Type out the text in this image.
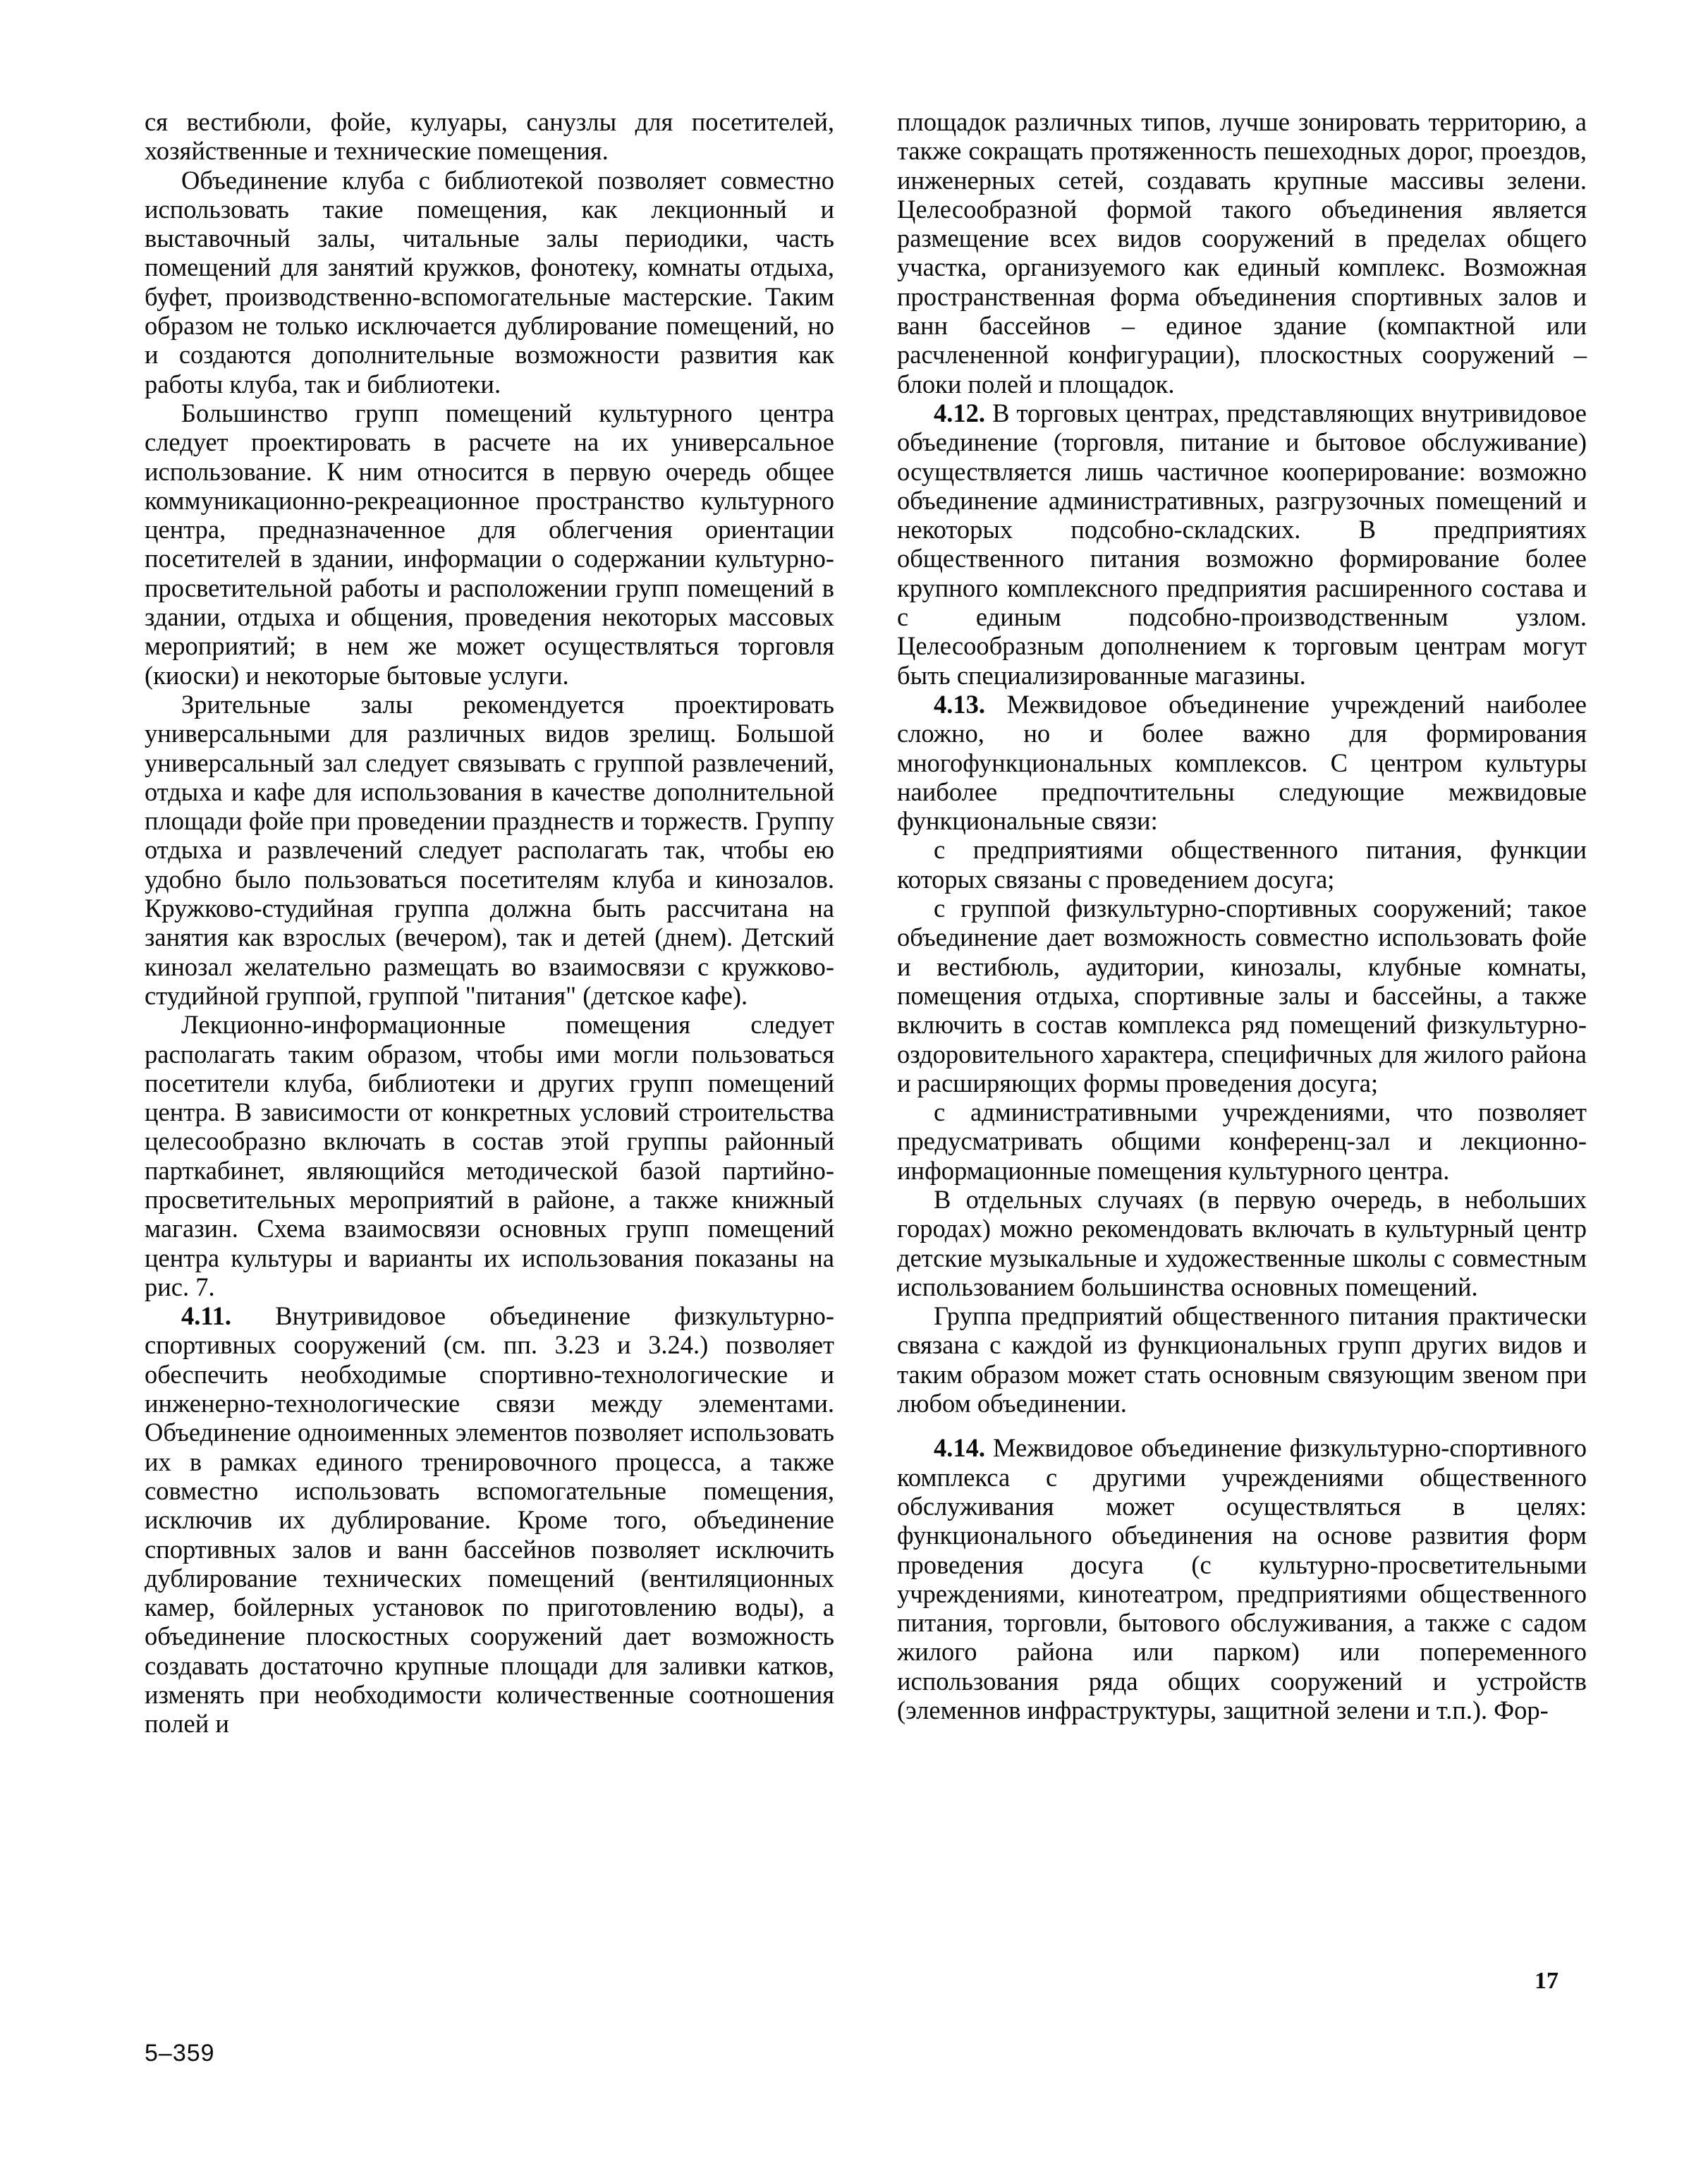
ся вестибюли, фойе, кулуары, санузлы для посетителей, хозяйственные и технические помещения.

Объединение клуба с библиотекой позволяет совместно использовать такие помещения, как лекционный и выставочный залы, читальные залы периодики, часть помещений для занятий кружков, фонотеку, комнаты отдыха, буфет, производственно-вспомогательные мастерские. Таким образом не только исключается дублирование помещений, но и создаются дополнительные возможности развития как работы клуба, так и библиотеки.

Большинство групп помещений культурного центра следует проектировать в расчете на их универсальное использование. К ним относится в первую очередь общее коммуникационно-рекреационное пространство культурного центра, предназначенное для облегчения ориентации посетителей в здании, информации о содержании культурно-просветительной работы и расположении групп помещений в здании, отдыха и общения, проведения некоторых массовых мероприятий; в нем же может осуществляться торговля (киоски) и некоторые бытовые услуги.

Зрительные залы рекомендуется проектировать универсальными для различных видов зрелищ. Большой универсальный зал следует связывать с группой развлечений, отдыха и кафе для использования в качестве дополнительной площади фойе при проведении празднеств и торжеств. Группу отдыха и развлечений следует располагать так, чтобы ею удобно было пользоваться посетителям клуба и кинозалов. Кружково-студийная группа должна быть рассчитана на занятия как взрослых (вечером), так и детей (днем). Детский кинозал желательно размещать во взаимосвязи с кружково-студийной группой, группой "питания" (детское кафе).

Лекционно-информационные помещения следует располагать таким образом, чтобы ими могли пользоваться посетители клуба, библиотеки и других групп помещений центра. В зависимости от конкретных условий строительства целесообразно включать в состав этой группы районный парткабинет, являющийся методической базой партийно-просветительных мероприятий в районе, а также книжный магазин. Схема взаимосвязи основных групп помещений центра культуры и варианты их использования показаны на рис. 7.

4.11. Внутривидовое объединение физкультурно-спортивных сооружений (см. пп. 3.23 и 3.24.) позволяет обеспечить необходимые спортивно-технологические и инженерно-технологические связи между элементами. Объединение одноименных элементов позволяет использовать их в рамках единого тренировочного процесса, а также совместно использовать вспомогательные помещения, исключив их дублирование. Кроме того, объединение спортивных залов и ванн бассейнов позволяет исключить дублирование технических помещений (вентиляционных камер, бойлерных установок по приготовлению воды), а объединение плоскостных сооружений дает возможность создавать достаточно крупные площади для заливки катков, изменять при необходимости количественные соотношения полей и

площадок различных типов, лучше зонировать территорию, а также сокращать протяженность пешеходных дорог, проездов, инженерных сетей, создавать крупные массивы зелени. Целесообразной формой такого объединения является размещение всех видов сооружений в пределах общего участка, организуемого как единый комплекс. Возможная пространственная форма объединения спортивных залов и ванн бассейнов – единое здание (компактной или расчлененной конфигурации), плоскостных сооружений – блоки полей и площадок.

4.12. В торговых центрах, представляющих внутривидовое объединение (торговля, питание и бытовое обслуживание) осуществляется лишь частичное кооперирование: возможно объединение административных, разгрузочных помещений и некоторых подсобно-складских. В предприятиях общественного питания возможно формирование более крупного комплексного предприятия расширенного состава и с единым подсобно-производственным узлом. Целесообразным дополнением к торговым центрам могут быть специализированные магазины.

4.13. Межвидовое объединение учреждений наиболее сложно, но и более важно для формирования многофункциональных комплексов. С центром культуры наиболее предпочтительны следующие межвидовые функциональные связи:

с предприятиями общественного питания, функции которых связаны с проведением досуга;

с группой физкультурно-спортивных сооружений; такое объединение дает возможность совместно использовать фойе и вестибюль, аудитории, кинозалы, клубные комнаты, помещения отдыха, спортивные залы и бассейны, а также включить в состав комплекса ряд помещений физкультурно-оздоровительного характера, специфичных для жилого района и расширяющих формы проведения досуга;

с административными учреждениями, что позволяет предусматривать общими конференц-зал и лекционно-информационные помещения культурного центра.

В отдельных случаях (в первую очередь, в небольших городах) можно рекомендовать включать в культурный центр детские музыкальные и художественные школы с совместным использованием большинства основных помещений.

Группа предприятий общественного питания практически связана с каждой из функциональных групп других видов и таким образом может стать основным связующим звеном при любом объединении.

4.14. Межвидовое объединение физкультурно-спортивного комплекса с другими учреждениями общественного обслуживания может осуществляться в целях: функционального объединения на основе развития форм проведения досуга (с культурно-просветительными учреждениями, кинотеатром, предприятиями общественного питания, торговли, бытового обслуживания, а также с садом жилого района или парком) или попеременного использования ряда общих сооружений и устройств (элеменнов инфраструктуры, защитной зелени и т.п.). Фор-

17
5–359
